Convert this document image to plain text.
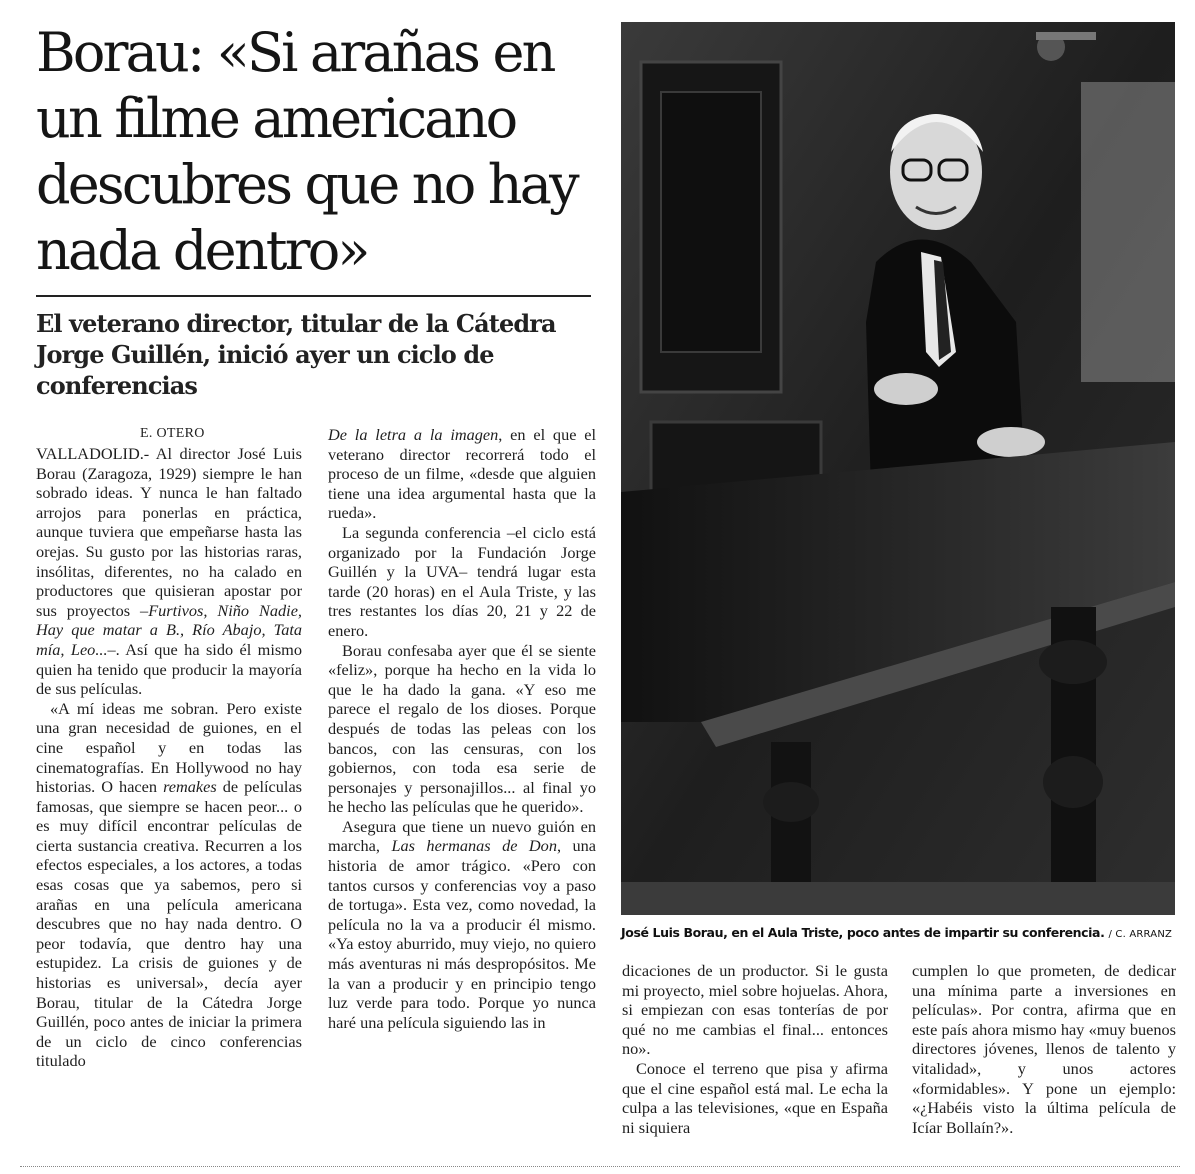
Borau: «Si arañas en un filme americano descubres que no hay nada dentro»
El veterano director, titular de la Cátedra Jorge Guillén, inició ayer un ciclo de conferencias
E. OTERO

VALLADOLID.- Al director José Luis Borau (Zaragoza, 1929) siempre le han sobrado ideas. Y nunca le han faltado arrojos para ponerlas en práctica, aunque tuviera que empeñarse hasta las orejas. Su gusto por las historias raras, insólitas, diferentes, no ha calado en productores que quisieran apostar por sus proyectos –Furtivos, Niño Nadie, Hay que matar a B., Río Abajo, Tata mía, Leo...–. Así que ha sido él mismo quien ha tenido que producir la mayoría de sus películas.

«A mí ideas me sobran. Pero existe una gran necesidad de guiones, en el cine español y en todas las cinematografías. En Hollywood no hay historias. O hacen remakes de películas famosas, que siempre se hacen peor... o es muy difícil encontrar películas de cierta sustancia creativa. Recurren a los efectos especiales, a los actores, a todas esas cosas que ya sabemos, pero si arañas en una película americana descubres que no hay nada dentro. O peor todavía, que dentro hay una estupidez. La crisis de guiones y de historias es universal», decía ayer Borau, titular de la Cátedra Jorge Guillén, poco antes de iniciar la primera de un ciclo de cinco conferencias titulado

De la letra a la imagen, en el que el veterano director recorrerá todo el proceso de un filme, «desde que alguien tiene una idea argumental hasta que la rueda».

La segunda conferencia –el ciclo está organizado por la Fundación Jorge Guillén y la UVA– tendrá lugar esta tarde (20 horas) en el Aula Triste, y las tres restantes los días 20, 21 y 22 de enero.

Borau confesaba ayer que él se siente «feliz», porque ha hecho en la vida lo que le ha dado la gana. «Y eso me parece el regalo de los dioses. Porque después de todas las peleas con los bancos, con las censuras, con los gobiernos, con toda esa serie de personajes y personajillos... al final yo he hecho las películas que he querido».

Asegura que tiene un nuevo guión en marcha, Las hermanas de Don, una historia de amor trágico. «Pero con tantos cursos y conferencias voy a paso de tortuga». Esta vez, como novedad, la película no la va a producir él mismo. «Ya estoy aburrido, muy viejo, no quiero más aventuras ni más despropósitos. Me la van a producir y en principio tengo luz verde para todo. Porque yo nunca haré una película siguiendo las in

José Luis Borau, en el Aula Triste, poco antes de impartir su conferencia. / C. ARRANZ

dicaciones de un productor. Si le gusta mi proyecto, miel sobre hojuelas. Ahora, si empiezan con esas tonterías de por qué no me cambias el final... entonces no».

Conoce el terreno que pisa y afirma que el cine español está mal. Le echa la culpa a las televisiones, «que en España ni siquiera

cumplen lo que prometen, de dedicar una mínima parte a inversiones en películas». Por contra, afirma que en este país ahora mismo hay «muy buenos directores jóvenes, llenos de talento y vitalidad», y unos actores «formidables». Y pone un ejemplo: «¿Habéis visto la última película de Icíar Bollaín?».
